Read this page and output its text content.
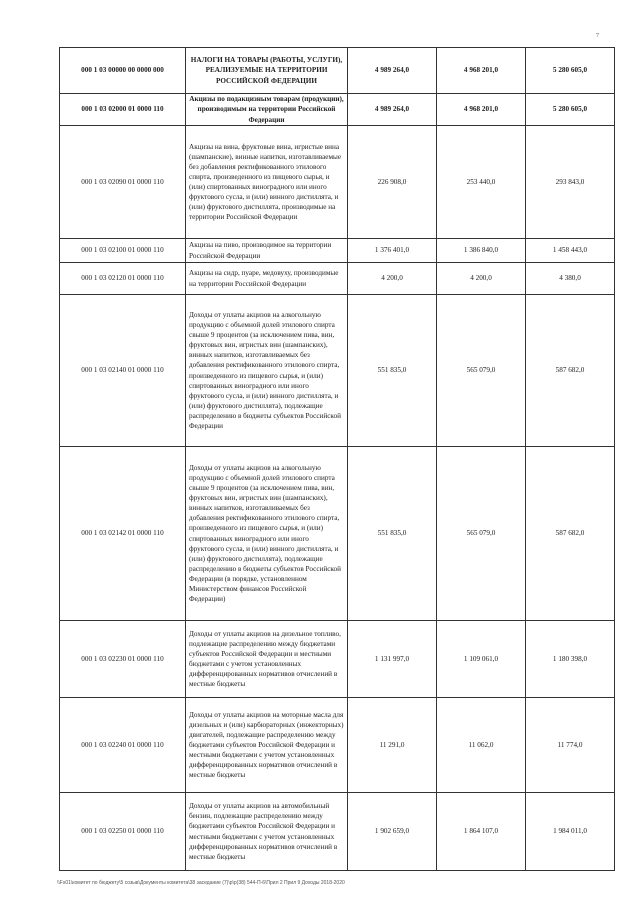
7
000 1 03 00000 00 0000 000	НАЛОГИ НА ТОВАРЫ (РАБОТЫ, УСЛУГИ), РЕАЛИЗУЕМЫЕ НА ТЕРРИТОРИИ РОССИЙСКОЙ ФЕДЕРАЦИИ	4 989 264,0	4 968 201,0	5 280 605,0
000 1 03 02000 01 0000 110	Акцизы по подакцизным товарам (продукции), производимым на территории Российской Федерации	4 989 264,0	4 968 201,0	5 280 605,0
000 1 03 02090 01 0000 110	Акцизы на вина, фруктовые вина, игристые вина (шампанские), винные напитки, изготавливаемые без добавления ректификованного этилового спирта, произведенного из пищевого сырья, и (или) спиртованных виноградного или иного фруктового сусла, и (или) винного дистиллята, и (или) фруктового дистиллята, производимые на территории Российской Федерации	226 908,0	253 440,0	293 843,0
000 1 03 02100 01 0000 110	Акцизы на пиво, производимое на территории Российской Федерации	1 376 401,0	1 386 840,0	1 458 443,0
000 1 03 02120 01 0000 110	Акцизы на сидр, пуаре, медовуху, производимые на территории Российской Федерации	4 200,0	4 200,0	4 380,0
000 1 03 02140 01 0000 110	Доходы от уплаты акцизов на алкогольную продукцию с объемной долей этилового спирта свыше 9 процентов (за исключением пива, вин, фруктовых вин, игристых вин (шампанских), винных напитков, изготавливаемых без добавления ректификованного этилового спирта, произведенного из пищевого сырья, и (или) спиртованных виноградного или иного фруктового сусла, и (или) винного дистиллята, и (или) фруктового дистиллята), подлежащие распределению в бюджеты субъектов Российской Федерации	551 835,0	565 079,0	587 682,0
000 1 03 02142 01 0000 110	Доходы от уплаты акцизов на алкогольную продукцию с объемной долей этилового спирта свыше 9 процентов (за исключением пива, вин, фруктовых вин, игристых вин (шампанских), винных напитков, изготавливаемых без добавления ректификованного этилового спирта, произведенного из пищевого сырья, и (или) спиртованных виноградного или иного фруктового сусла, и (или) винного дистиллята, и (или) фруктового дистиллята), подлежащие распределению в бюджеты субъектов Российской Федерации (в порядке, установленном Министерством финансов Российской Федерации)	551 835,0	565 079,0	587 682,0
000 1 03 02230 01 0000 110	Доходы от уплаты акцизов на дизельное топливо, подлежащие распределению между бюджетами субъектов Российской Федерации и местными бюджетами с учетом установленных дифференцированных нормативов отчислений в местные бюджеты	1 131 997,0	1 109 061,0	1 180 398,0
000 1 03 02240 01 0000 110	Доходы от уплаты акцизов на моторные масла для дизельных и (или) карбюраторных (инжекторных) двигателей, подлежащие распределению между бюджетами субъектов Российской Федерации и местными бюджетами с учетом установленных дифференцированных нормативов отчислений в местные бюджеты	11 291,0	11 062,0	11 774,0
000 1 03 02250 01 0000 110	Доходы от уплаты акцизов на автомобильный бензин, подлежащие распределению между бюджетами субъектов Российской Федерации и местными бюджетами с учетом установленных дифференцированных нормативов отчислений в местные бюджеты	1 902 659,0	1 864 107,0	1 984 011,0
\\Fs01\комитет по бюджету\5 созыв\Документы комитета\38 заседание (7)\р\р(38) 544-П-6\Прил 2 Прил 9 Доходы 2018-2020
